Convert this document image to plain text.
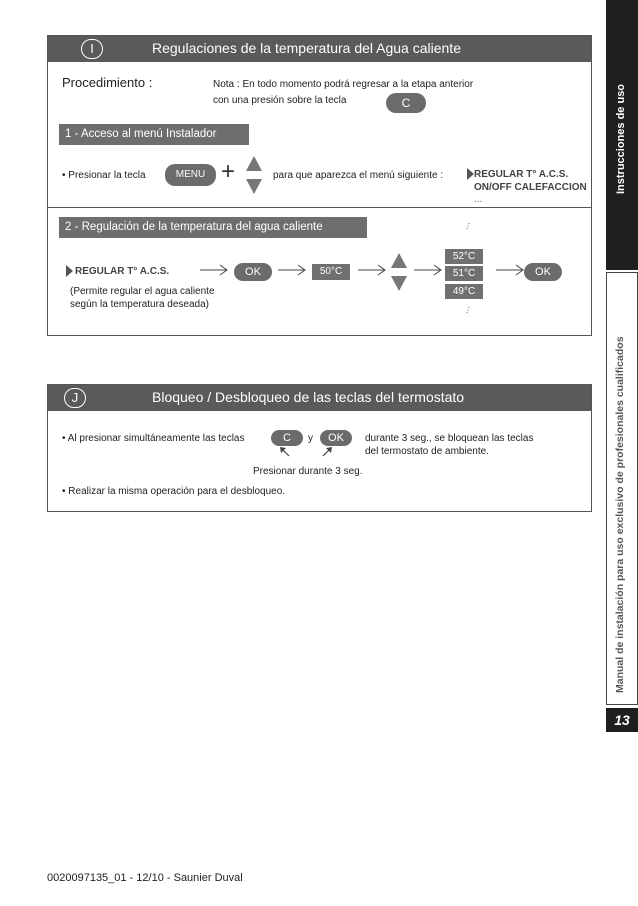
Instrucciones de uso
Manual de instalación para uso exclusivo de profesionales cualificados
13
I	Regulaciones de la temperatura del Agua caliente
Procedimiento :	Nota : En todo momento podrá regresar a la etapa anterior
con una presión sobre la tecla	C
1 - Acceso al menú Instalador
• Presionar la tecla	MENU +	para que aparezca el menú siguiente :	REGULAR T° A.C.S.
ON/OFF CALEFACCION
...
2 - Regulación de la temperatura del agua caliente	...
REGULAR T° A.C.S.
(Permite regular el agua caliente
según la temperatura deseada)
OK	50°C
52°C
51°C
49°C
OK
...
J	Bloqueo / Desbloqueo de las teclas del termostato
• Al presionar simultáneamente las teclas	C	y	OK	durante 3 seg., se bloquean las teclas
del termostato de ambiente.
Presionar durante 3 seg.
• Realizar la misma operación para el desbloqueo.
0020097135_01 - 12/10 - Saunier Duval
